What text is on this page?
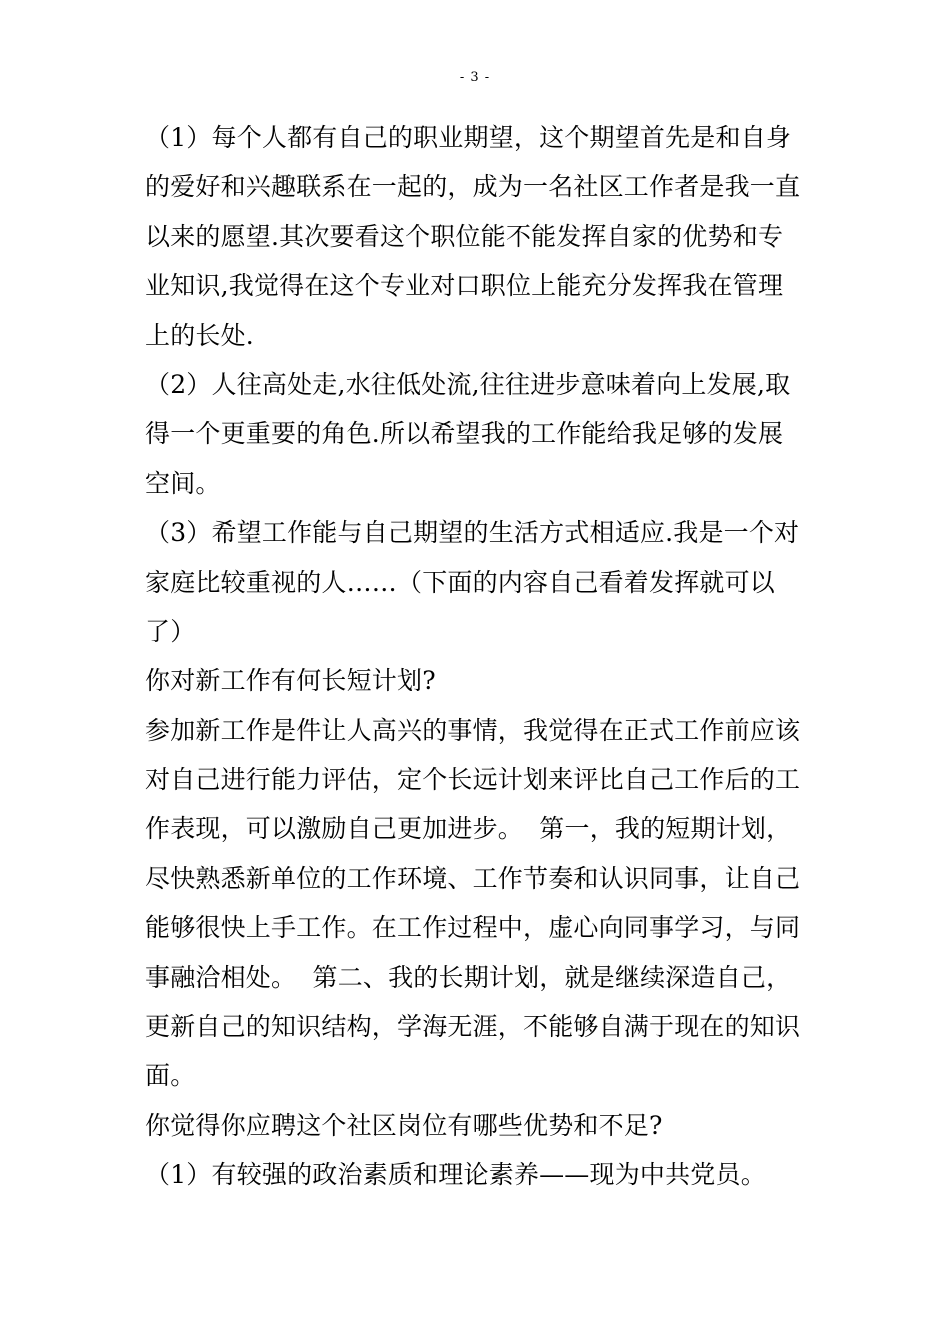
- 3 -
（1）每个人都有自己的职业期望，这个期望首先是和自身
的爱好和兴趣联系在一起的，成为一名社区工作者是我一直
以来的愿望.其次要看这个职位能不能发挥自家的优势和专
业知识,我觉得在这个专业对口职位上能充分发挥我在管理
上的长处.
（2）人往高处走,水往低处流,往往进步意味着向上发展,取
得一个更重要的角色.所以希望我的工作能给我足够的发展
空间。
（3）希望工作能与自己期望的生活方式相适应.我是一个对
家庭比较重视的人……（下面的内容自己看着发挥就可以
了）
你对新工作有何长短计划?
参加新工作是件让人高兴的事情，我觉得在正式工作前应该
对自己进行能力评估，定个长远计划来评比自己工作后的工
作表现，可以激励自己更加进步。  第一，我的短期计划，
尽快熟悉新单位的工作环境、工作节奏和认识同事，让自己
能够很快上手工作。在工作过程中，虚心向同事学习，与同
事融洽相处。  第二、我的长期计划，就是继续深造自己，
更新自己的知识结构，学海无涯，不能够自满于现在的知识
面。
你觉得你应聘这个社区岗位有哪些优势和不足?
（1）有较强的政治素质和理论素养——现为中共党员。
